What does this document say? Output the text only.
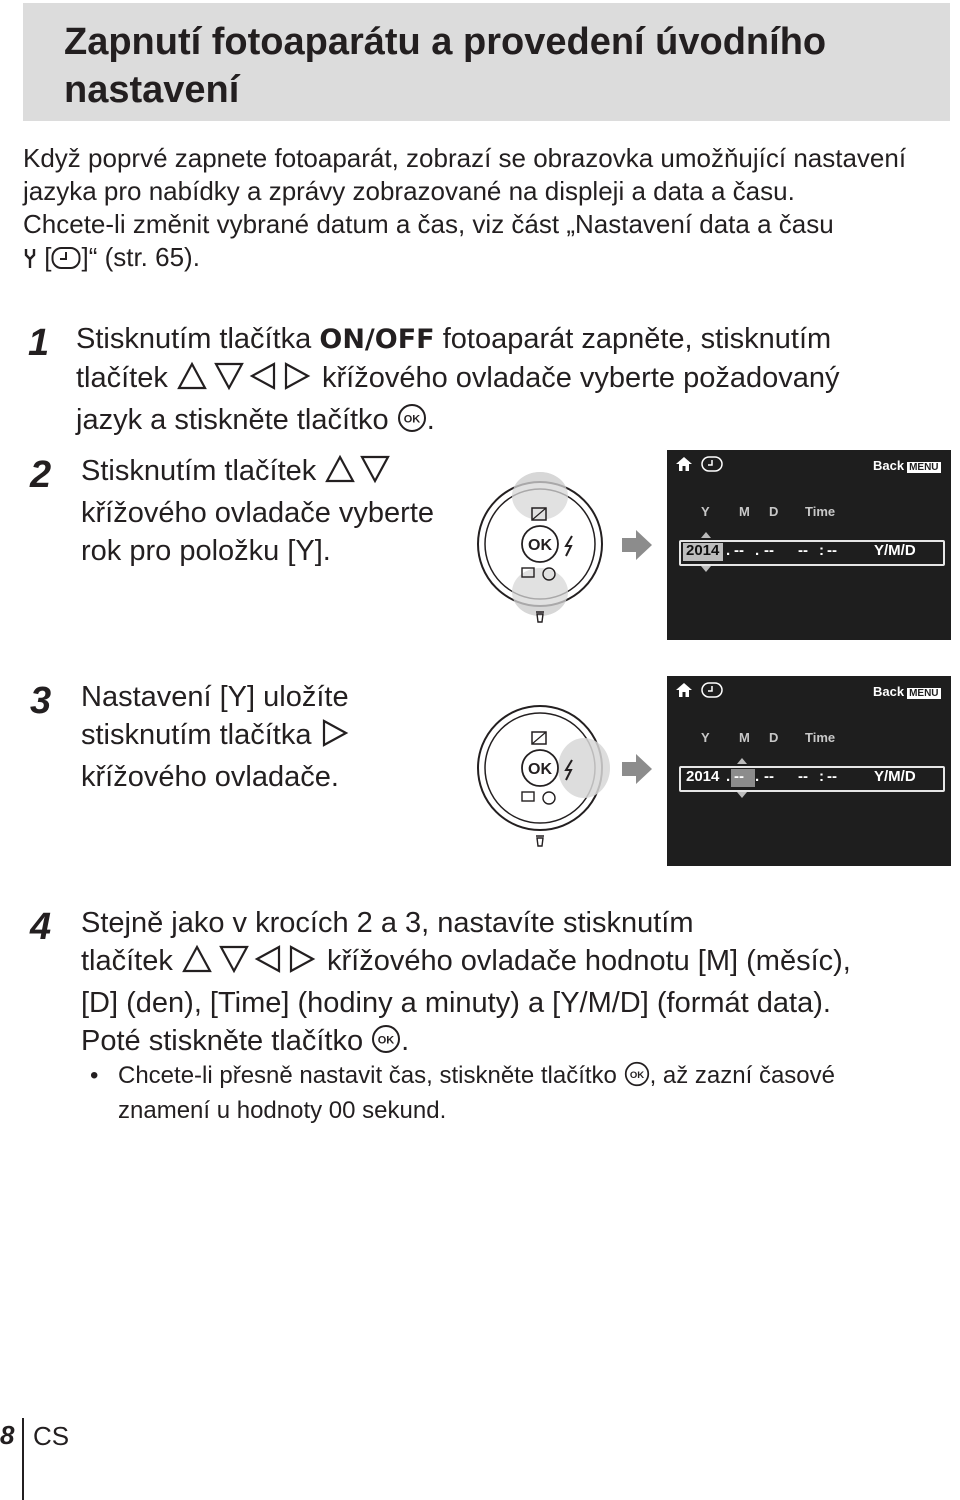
Zapnutí fotoaparátu a provedení úvodního nastavení

Když poprvé zapnete fotoaparát, zobrazí se obrazovka umožňující nastavení jazyka pro nabídky a zprávy zobrazované na displeji a data a času.

Chcete-li změnit vybrané datum a čas, viz část „Nastavení data a času
[ ]“ (str. 65).

1 Stisknutím tlačítka ON/OFF fotoaparát zapněte, stisknutím

tlačítek	křížového ovladače vyberte požadovaný

jazyk a stiskněte tlačítko OK .

2 Stisknutím tlačítek

křížového ovladače vyberte

rok pro položku [Y].	OK
Back MENU
Y M D Time
2014 . -- . -- -- : -- Y/M/D
3 Nastavení [Y] uložíte

stisknutím tlačítka

křížového ovladače.	OK
Back MENU
Y M D Time
2014 . -- . -- -- : -- Y/M/D
4 Stejně jako v krocích 2 a 3, nastavíte stisknutím

tlačítek	křížového ovladače hodnotu [M] (měsíc),

[D] (den), [Time] (hodiny a minuty) a [Y/M/D] (formát data).

Poté stiskněte tlačítko OK .

• Chcete-li přesně nastavit čas, stiskněte tlačítko OK , až zazní časové znamení u hodnoty 00 sekund.
8 CS
